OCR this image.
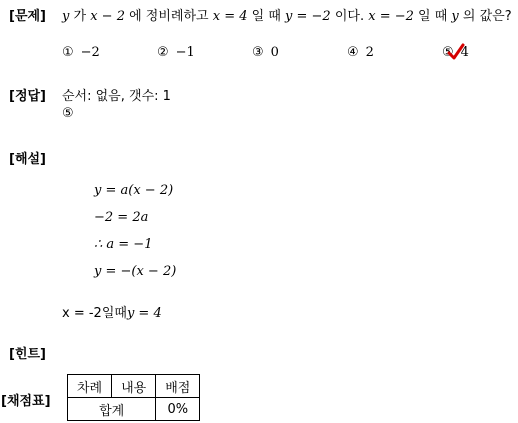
[문제] y 가 x − 2 에 정비례하고 x = 4 일 때 y = −2 이다. x = −2 일 때 y 의 값은?
① −2	② −1	③ 0	④ 2	⑤ 4
[정답] 순서: 없음, 갯수: 1
⑤
[해설]
y = a(x − 2)
−2 = 2a
∴ a = −1
y = −(x − 2)
x = -2일때y = 4
[힌트]
[채점표]
차례	내용	배점
합계		0%
